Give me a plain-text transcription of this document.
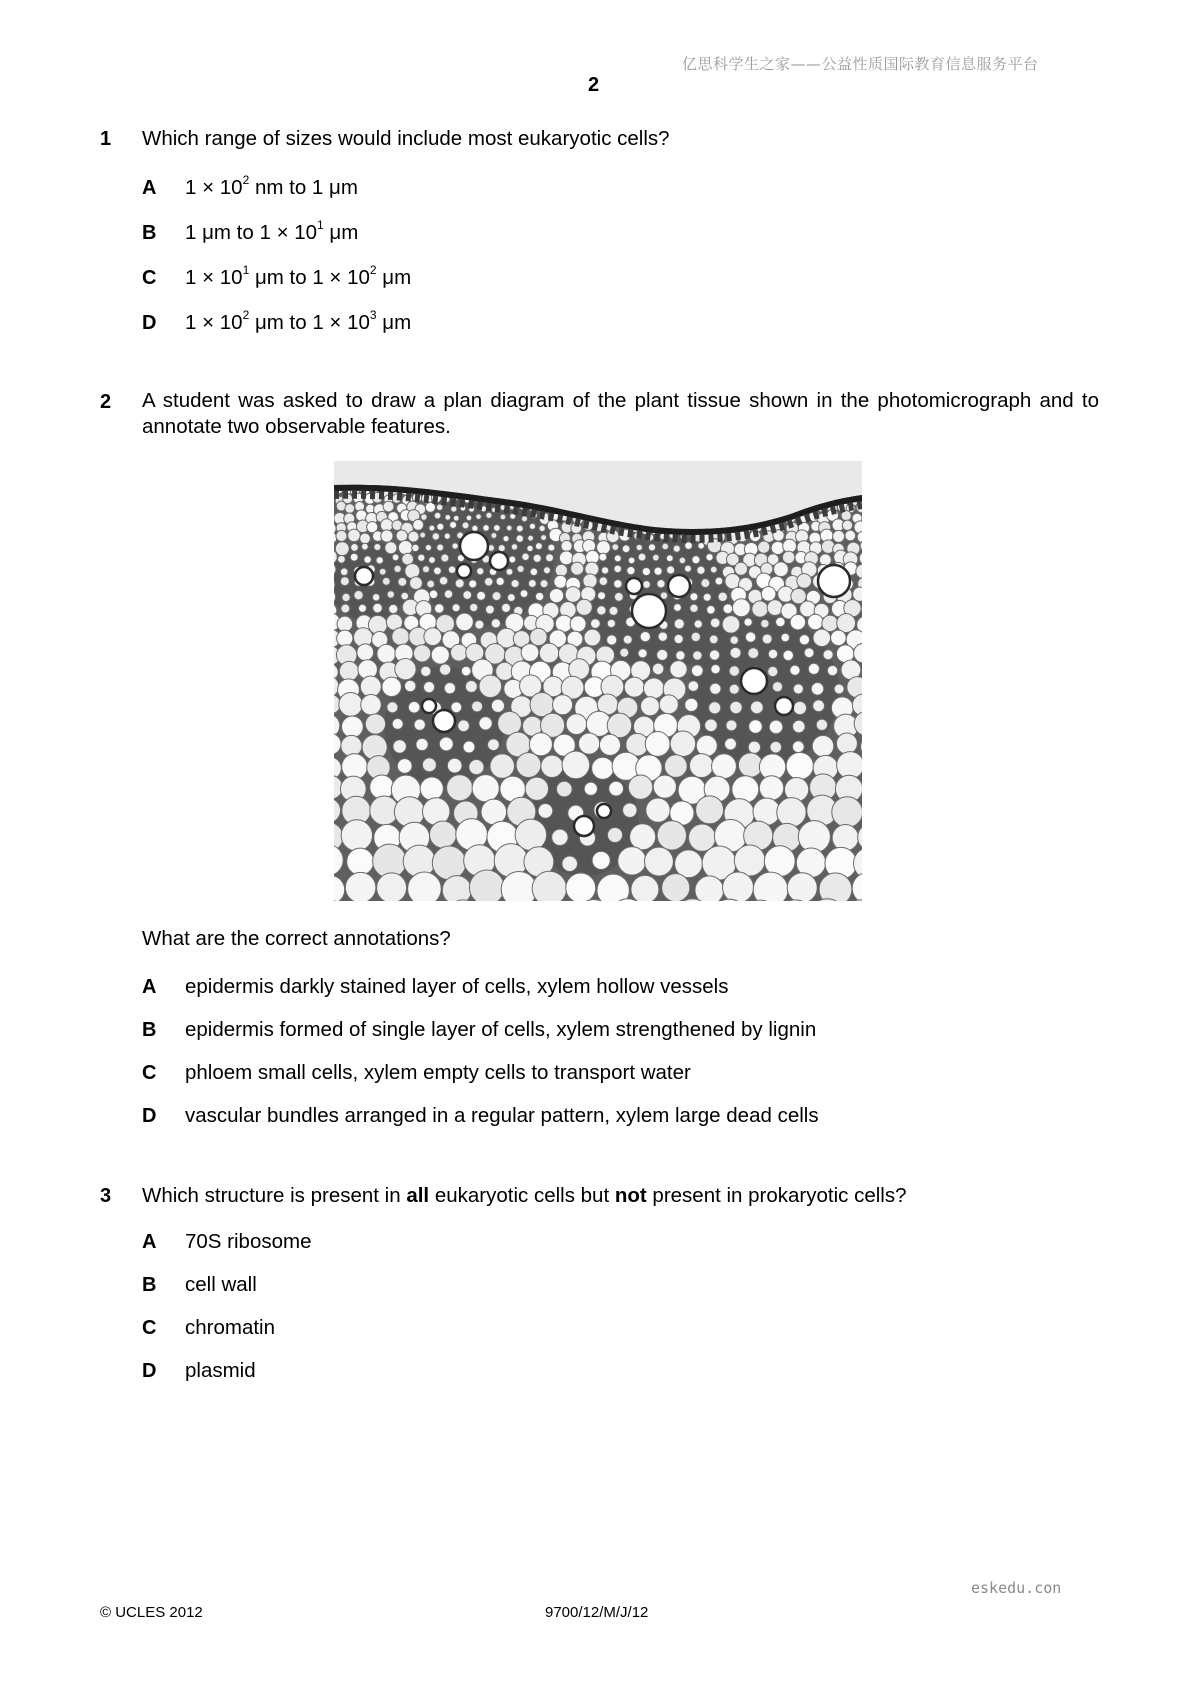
亿思科学生之家——公益性质国际教育信息服务平台
2
1 Which range of sizes would include most eukaryotic cells?
A $1 \times 10^2$ nm to 1 μm
B 1 μm to $1 \times 10^1$ μm
C $1 \times 10^1$ μm to $1 \times 10^2$ μm
D $1 \times 10^2$ μm to $1 \times 10^3$ μm
2 A student was asked to draw a plan diagram of the plant tissue shown in the photomicrograph and to annotate two observable features.
What are the correct annotations?
A epidermis darkly stained layer of cells, xylem hollow vessels
B epidermis formed of single layer of cells, xylem strengthened by lignin
C phloem small cells, xylem empty cells to transport water
D vascular bundles arranged in a regular pattern, xylem large dead cells
3 Which structure is present in all eukaryotic cells but not present in prokaryotic cells?
A 70S ribosome
B cell wall
C chromatin
D plasmid
eskedu.con
© UCLES 2012	9700/12/M/J/12
